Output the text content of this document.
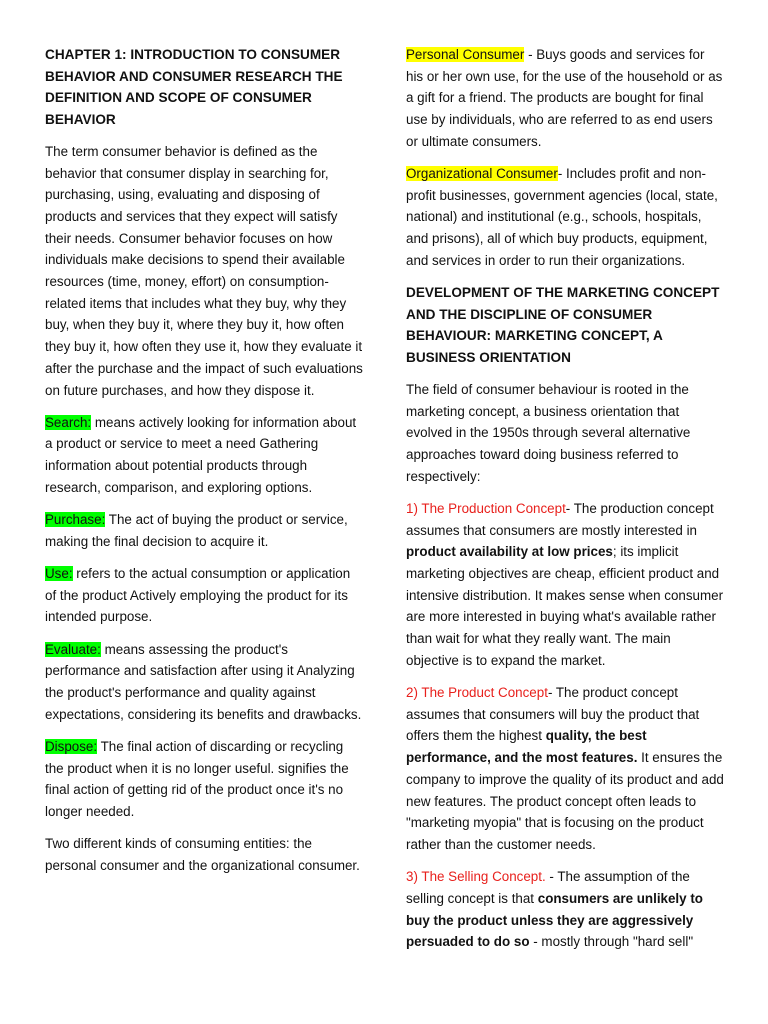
CHAPTER 1: INTRODUCTION TO CONSUMER BEHAVIOR AND CONSUMER RESEARCH THE DEFINITION AND SCOPE OF CONSUMER BEHAVIOR

The term consumer behavior is defined as the behavior that consumer display in searching for, purchasing, using, evaluating and disposing of products and services that they expect will satisfy their needs. Consumer behavior focuses on how individuals make decisions to spend their available resources (time, money, effort) on consumption-related items that includes what they buy, why they buy, when they buy it, where they buy it, how often they buy it, how often they use it, how they evaluate it after the purchase and the impact of such evaluations on future purchases, and how they dispose it.

Search: means actively looking for information about a product or service to meet a need Gathering information about potential products through research, comparison, and exploring options.

Purchase: The act of buying the product or service, making the final decision to acquire it.

Use: refers to the actual consumption or application of the product Actively employing the product for its intended purpose.

Evaluate: means assessing the product's performance and satisfaction after using it Analyzing the product's performance and quality against expectations, considering its benefits and drawbacks.

Dispose: The final action of discarding or recycling the product when it is no longer useful. signifies the final action of getting rid of the product once it's no longer needed.

Two different kinds of consuming entities: the personal consumer and the organizational consumer.

Personal Consumer - Buys goods and services for his or her own use, for the use of the household or as a gift for a friend. The products are bought for final use by individuals, who are referred to as end users or ultimate consumers.

Organizational Consumer- Includes profit and non-profit businesses, government agencies (local, state, national) and institutional (e.g., schools, hospitals, and prisons), all of which buy products, equipment, and services in order to run their organizations.

DEVELOPMENT OF THE MARKETING CONCEPT AND THE DISCIPLINE OF CONSUMER BEHAVIOUR: MARKETING CONCEPT, A BUSINESS ORIENTATION

The field of consumer behaviour is rooted in the marketing concept, a business orientation that evolved in the 1950s through several alternative approaches toward doing business referred to respectively:

1) The Production Concept- The production concept assumes that consumers are mostly interested in product availability at low prices; its implicit marketing objectives are cheap, efficient product and intensive distribution. It makes sense when consumer are more interested in buying what's available rather than wait for what they really want. The main objective is to expand the market.

2) The Product Concept- The product concept assumes that consumers will buy the product that offers them the highest quality, the best performance, and the most features. It ensures the company to improve the quality of its product and add new features. The product concept often leads to "marketing myopia" that is focusing on the product rather than the customer needs.

3) The Selling Concept. - The assumption of the selling concept is that consumers are unlikely to buy the product unless they are aggressively persuaded to do so - mostly through "hard sell"
